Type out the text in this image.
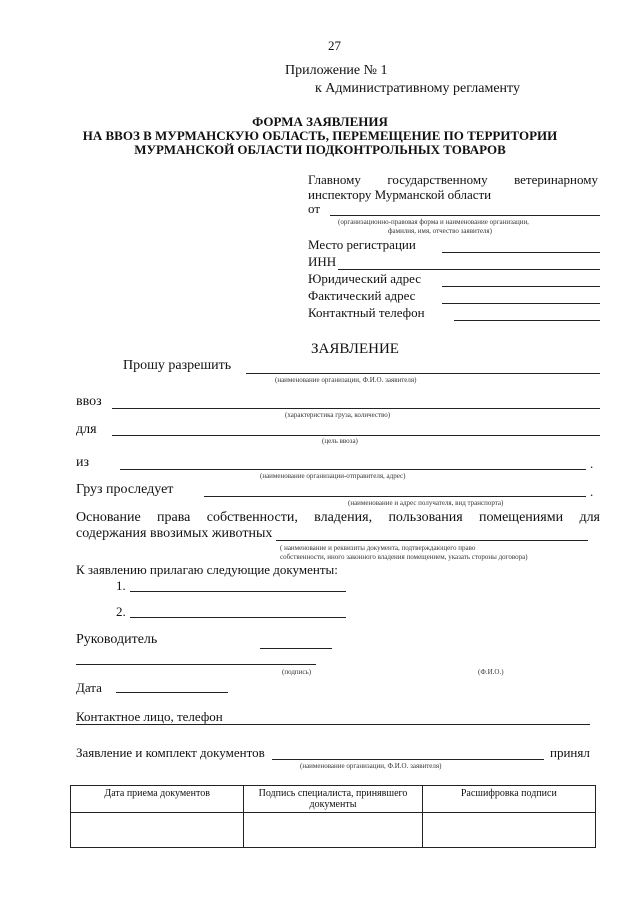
27
Приложение № 1
к Административному регламенту
ФОРМА ЗАЯВЛЕНИЯ
НА ВВОЗ В МУРМАНСКУЮ ОБЛАСТЬ, ПЕРЕМЕЩЕНИЕ ПО ТЕРРИТОРИИ
МУРМАНСКОЙ ОБЛАСТИ ПОДКОНТРОЛЬНЫХ ТОВАРОВ
Главному государственному ветеринарному
инспектору Мурманской области
от
(организационно-правовая форма и наименование организации,
фамилия, имя, отчество заявителя)
Место регистрации
ИНН
Юридический адрес
Фактический адрес
Контактный телефон
ЗАЯВЛЕНИЕ
Прошу разрешить
(наименование организации, Ф.И.О. заявителя)
ввоз
(характеристика груза, количество)
для
(цель ввоза)
из	.
(наименование организации-отправителя, адрес)
Груз проследует	.
(наименование и адрес получателя, вид транспорта)
Основание права собственности, владения, пользования помещениями для
содержания ввозимых животных
( наименование и реквизиты документа, подтверждающего право
собственности, иного законного владения помещением, указать стороны договора)
К заявлению прилагаю следующие документы:
1.
2.
Руководитель
(подпись)	(Ф.И.О.)
Дата
Контактное лицо, телефон
Заявление и комплект документов	принял
(наименование организации, Ф.И.О. заявителя)
Дата приема документов	Подпись специалиста, принявшего документы	Расшифровка подписи
